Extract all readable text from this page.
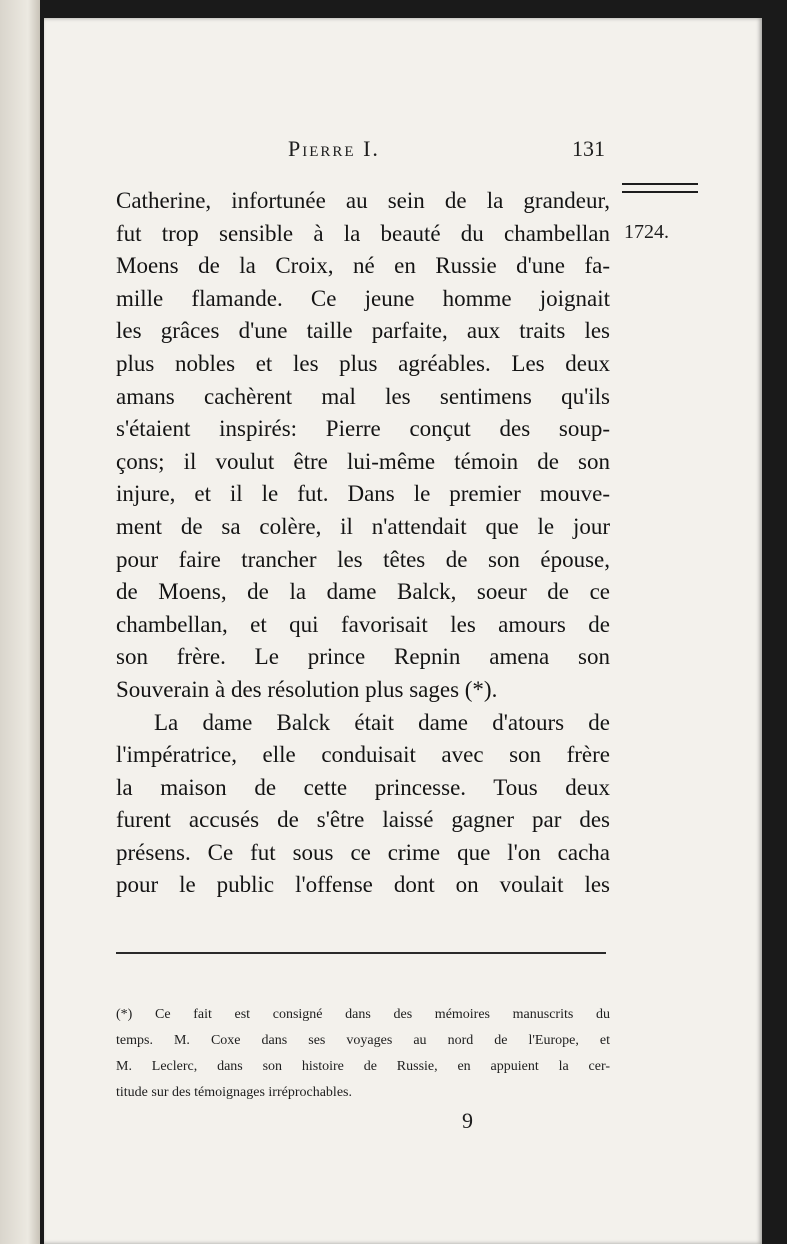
Pierre I.	131
1724.

Catherine, infortunée au sein de la grandeur,

fut trop sensible à la beauté du chambellan

Moens de la Croix, né en Russie d'une fa-

mille flamande. Ce jeune homme joignait

les grâces d'une taille parfaite, aux traits les

plus nobles et les plus agréables. Les deux

amans cachèrent mal les sentimens qu'ils

s'étaient inspirés: Pierre conçut des soup-

çons; il voulut être lui-même témoin de son

injure, et il le fut. Dans le premier mouve-

ment de sa colère, il n'attendait que le jour

pour faire trancher les têtes de son épouse,

de Moens, de la dame Balck, soeur de ce

chambellan, et qui favorisait les amours de

son frère. Le prince Repnin amena son

Souverain à des résolution plus sages (*).

La dame Balck était dame d'atours de

l'impératrice, elle conduisait avec son frère

la maison de cette princesse. Tous deux

furent accusés de s'être laissé gagner par des

présens. Ce fut sous ce crime que l'on cacha

pour le public l'offense dont on voulait les

(*) Ce fait est consigné dans des mémoires manuscrits du

temps. M. Coxe dans ses voyages au nord de l'Europe, et

M. Leclerc, dans son histoire de Russie, en appuient la cer-

titude sur des témoignages irréprochables.

9
